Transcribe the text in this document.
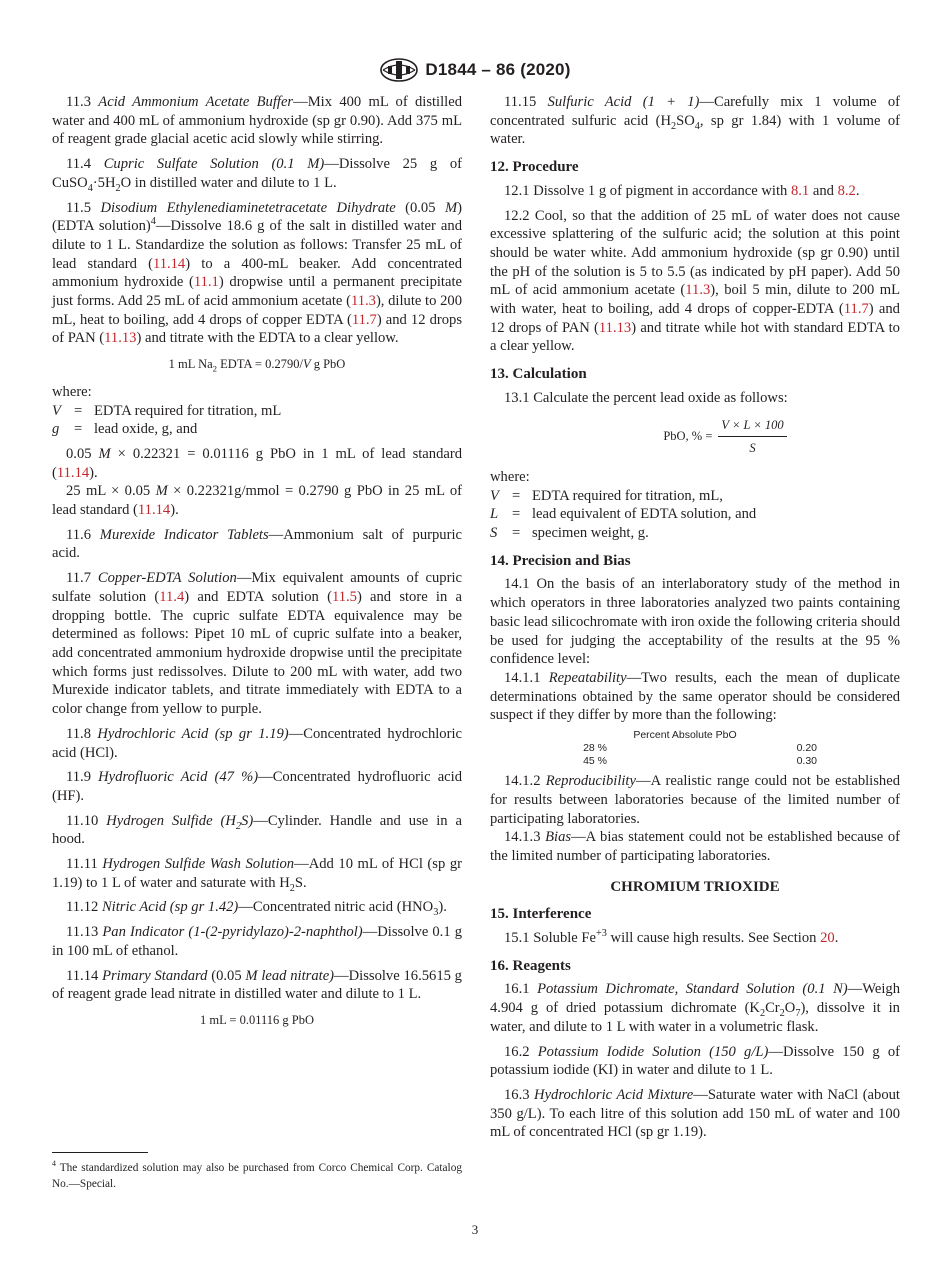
D1844 – 86 (2020)

11.3 Acid Ammonium Acetate Buffer—Mix 400 mL of distilled water and 400 mL of ammonium hydroxide (sp gr 0.90). Add 375 mL of reagent grade glacial acetic acid slowly while stirring.

11.4 Cupric Sulfate Solution (0.1 M)—Dissolve 25 g of $CuSO_4\cdot 5H_2O$ in distilled water and dilute to 1 L.

11.5 Disodium Ethylenediaminetetracetate Dihydrate (0.05 M) (EDTA solution)$^4$—Dissolve 18.6 g of the salt in distilled water and dilute to 1 L. Standardize the solution as follows: Transfer 25 mL of lead standard (11.14) to a 400-mL beaker. Add concentrated ammonium hydroxide (11.1) dropwise until a permanent precipitate just forms. Add 25 mL of acid ammonium acetate (11.3), dilute to 200 mL, heat to boiling, add 4 drops of copper EDTA (11.7) and 12 drops of PAN (11.13) and titrate with the EDTA to a clear yellow.

1 mL $Na_2$ EDTA = 0.2790/V g PbO

where:

V = EDTA required for titration, mL
g	= lead oxide, g, and

0.05 M × 0.22321 = 0.01116 g PbO in 1 mL of lead standard (11.14).

25 mL × 0.05 M × 0.22321g/mmol = 0.2790 g PbO in 25 mL of lead standard (11.14).

11.6 Murexide Indicator Tablets—Ammonium salt of purpuric acid.

11.7 Copper-EDTA Solution—Mix equivalent amounts of cupric sulfate solution (11.4) and EDTA solution (11.5) and store in a dropping bottle. The cupric sulfate EDTA equivalence may be determined as follows: Pipet 10 mL of cupric sulfate into a beaker, add concentrated ammonium hydroxide dropwise until the precipitate which forms just redissolves. Dilute to 200 mL with water, add two Murexide indicator tablets, and titrate immediately with EDTA to a color change from yellow to purple.

11.8 Hydrochloric Acid (sp gr 1.19)—Concentrated hydrochloric acid (HCl).

11.9 Hydrofluoric Acid (47 %)—Concentrated hydrofluoric acid (HF).

11.10 Hydrogen Sulfide $(H_2S)—Cylinder$. Handle and use in a hood.

11.11 Hydrogen Sulfide Wash Solution—Add 10 mL of HCl (sp gr 1.19) to 1 L of water and saturate with $H_2S$.

11.12 Nitric Acid (sp gr 1.42)—Concentrated nitric acid $(HNO_3)$.

11.13 Pan Indicator (1-(2-pyridylazo)-2-naphthol)—Dissolve 0.1 g in 100 mL of ethanol.

11.14 Primary Standard (0.05 M lead nitrate)—Dissolve 16.5615 g of reagent grade lead nitrate in distilled water and dilute to 1 L.

1 mL = 0.01116 g PbO

11.15 Sulfuric Acid (1 + 1)—Carefully mix 1 volume of concentrated sulfuric acid ($H_2SO_4$, sp gr 1.84) with 1 volume of water.

12. Procedure

12.1 Dissolve 1 g of pigment in accordance with 8.1 and 8.2.

12.2 Cool, so that the addition of 25 mL of water does not cause excessive splattering of the sulfuric acid; the solution at this point should be water white. Add ammonium hydroxide (sp gr 0.90) until the pH of the solution is 5 to 5.5 (as indicated by pH paper). Add 50 mL of acid ammonium acetate (11.3), boil 5 min, dilute to 200 mL with water, heat to boiling, add 4 drops of copper-EDTA (11.7) and 12 drops of PAN (11.13) and titrate while hot with standard EDTA to a clear yellow.

13. Calculation

13.1 Calculate the percent lead oxide as follows:

PbO, % = $\frac{V \times L \times 100}{S}$

where:

V = EDTA required for titration, mL,
L = lead equivalent of EDTA solution, and
S	= specimen weight, g.
14. Precision and Bias

14.1 On the basis of an interlaboratory study of the method in which operators in three laboratories analyzed two paints containing basic lead silicochromate with iron oxide the following criteria should be used for judging the acceptability of the results at the 95 % confidence level:

14.1.1 Repeatability—Two results, each the mean of duplicate determinations obtained by the same operator should be considered suspect if they differ by more than the following:

Percent Absolute PbO
28 %	0.20
45 %	0.30

14.1.2 Reproducibility—A realistic range could not be established for results between laboratories because of the limited number of participating laboratories.

14.1.3 Bias—A bias statement could not be established because of the limited number of participating laboratories.

CHROMIUM TRIOXIDE
15. Interference

15.1 Soluble $Fe^{+3}$ will cause high results. See Section 20.

16. Reagents

16.1 Potassium Dichromate, Standard Solution (0.1 N)—Weigh 4.904 g of dried potassium dichromate $(K_2Cr_2O_7)$, dissolve it in water, and dilute to 1 L with water in a volumetric flask.

16.2 Potassium Iodide Solution (150 g/L)—Dissolve 150 g of potassium iodide (KI) in water and dilute to 1 L.

16.3 Hydrochloric Acid Mixture—Saturate water with NaCl (about 350 g/L). To each litre of this solution add 150 mL of water and 100 mL of concentrated HCl (sp gr 1.19).

$^4$ The standardized solution may also be purchased from Corco Chemical Corp. Catalog No.—Special.
3
